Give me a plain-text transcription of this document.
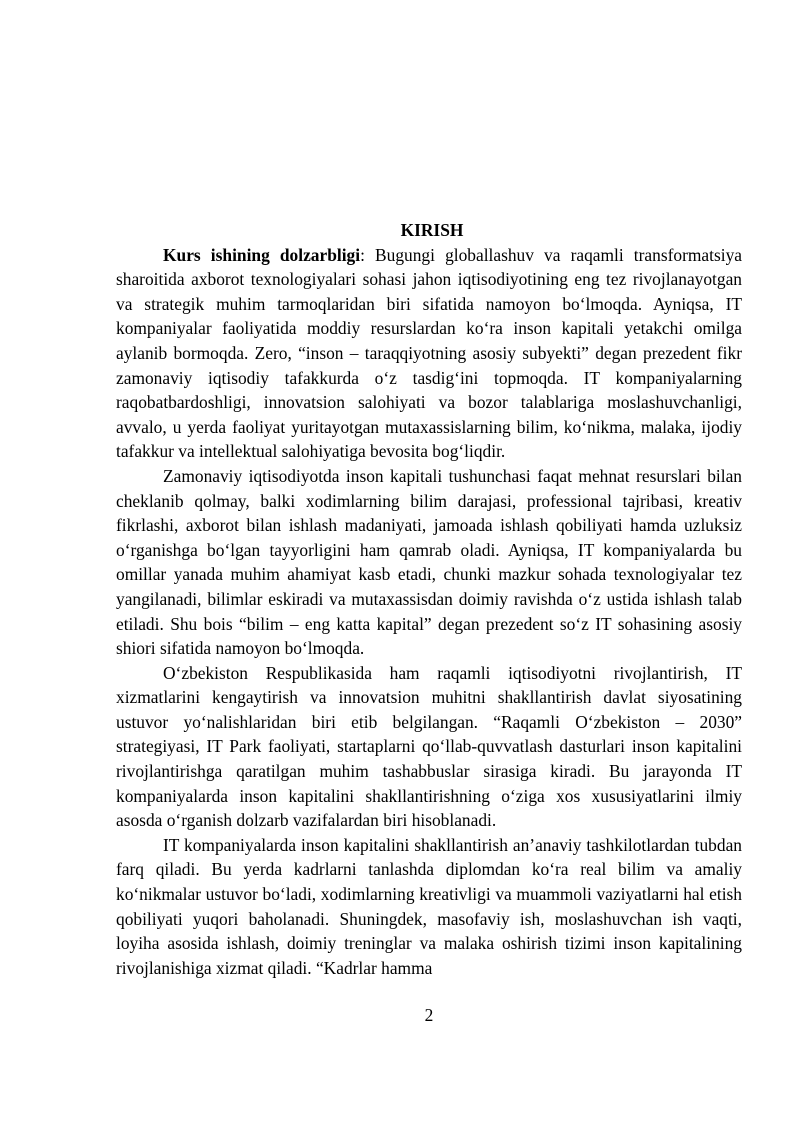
KIRISH

Kurs ishining dolzarbligi: Bugungi globallashuv va raqamli transformatsiya sharoitida axborot texnologiyalari sohasi jahon iqtisodiyotining eng tez rivojlanayotgan va strategik muhim tarmoqlaridan biri sifatida namoyon bo‘lmoqda. Ayniqsa, IT kompaniyalar faoliyatida moddiy resurslardan ko‘ra inson kapitali yetakchi omilga aylanib bormoqda. Zero, “inson – taraqqiyotning asosiy subyekti” degan prezedent fikr zamonaviy iqtisodiy tafakkurda o‘z tasdig‘ini topmoqda. IT kompaniyalarning raqobatbardoshligi, innovatsion salohiyati va bozor talablariga moslashuvchanligi, avvalo, u yerda faoliyat yuritayotgan mutaxassislarning bilim, ko‘nikma, malaka, ijodiy tafakkur va intellektual salohiyatiga bevosita bog‘liqdir.

Zamonaviy iqtisodiyotda inson kapitali tushunchasi faqat mehnat resurslari bilan cheklanib qolmay, balki xodimlarning bilim darajasi, professional tajribasi, kreativ fikrlashi, axborot bilan ishlash madaniyati, jamoada ishlash qobiliyati hamda uzluksiz o‘rganishga bo‘lgan tayyorligini ham qamrab oladi. Ayniqsa, IT kompaniyalarda bu omillar yanada muhim ahamiyat kasb etadi, chunki mazkur sohada texnologiyalar tez yangilanadi, bilimlar eskiradi va mutaxassisdan doimiy ravishda o‘z ustida ishlash talab etiladi. Shu bois “bilim – eng katta kapital” degan prezedent so‘z IT sohasining asosiy shiori sifatida namoyon bo‘lmoqda.

O‘zbekiston Respublikasida ham raqamli iqtisodiyotni rivojlantirish, IT xizmatlarini kengaytirish va innovatsion muhitni shakllantirish davlat siyosatining ustuvor yo‘nalishlaridan biri etib belgilangan. “Raqamli O‘zbekiston – 2030” strategiyasi, IT Park faoliyati, startaplarni qo‘llab-quvvatlash dasturlari inson kapitalini rivojlantirishga qaratilgan muhim tashabbuslar sirasiga kiradi. Bu jarayonda IT kompaniyalarda inson kapitalini shakllantirishning o‘ziga xos xususiyatlarini ilmiy asosda o‘rganish dolzarb vazifalardan biri hisoblanadi.

IT kompaniyalarda inson kapitalini shakllantirish an’anaviy tashkilotlardan tubdan farq qiladi. Bu yerda kadrlarni tanlashda diplomdan ko‘ra real bilim va amaliy ko‘nikmalar ustuvor bo‘ladi, xodimlarning kreativligi va muammoli vaziyatlarni hal etish qobiliyati yuqori baholanadi. Shuningdek, masofaviy ish, moslashuvchan ish vaqti, loyiha asosida ishlash, doimiy treninglar va malaka oshirish tizimi inson kapitalining rivojlanishiga xizmat qiladi. “Kadrlar hamma

2
